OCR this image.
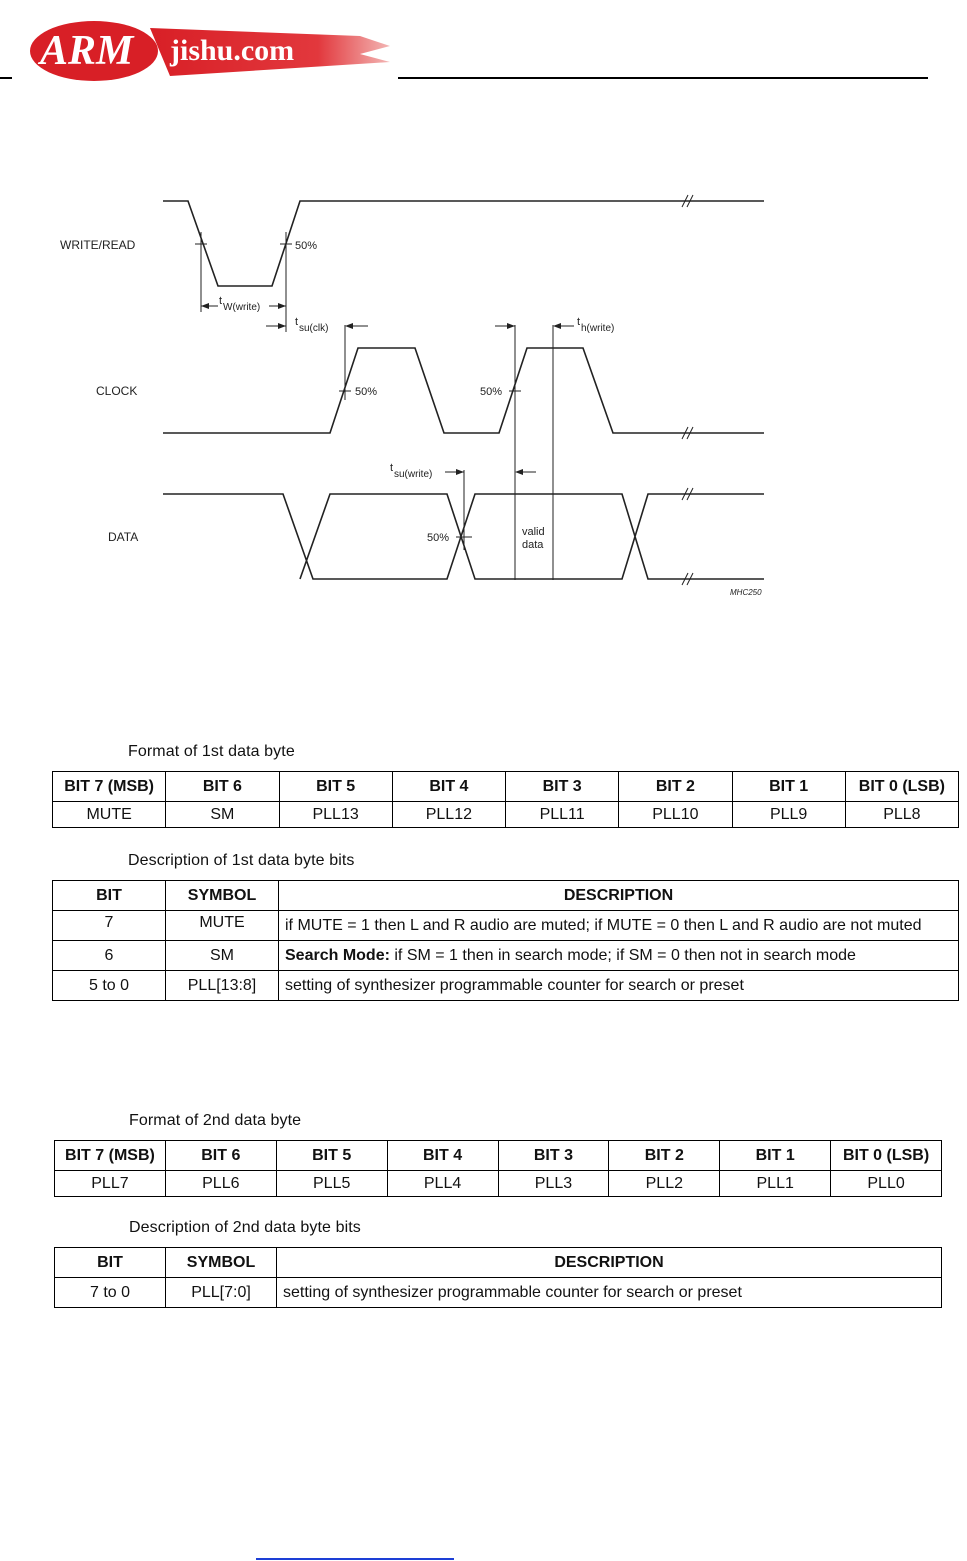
ARM jishu.com
WRITE/READ
CLOCK
DATA
50%
t
W(write)
t
su(clk)
t
h(write)
50%	50%
t
su(write)
50%	valid
data
MHC250
Format of 1st data byte
BIT 7 (MSB)	BIT 6	BIT 5	BIT 4	BIT 3	BIT 2	BIT 1	BIT 0 (LSB)
MUTE	SM	PLL13	PLL12	PLL11	PLL10	PLL9	PLL8
Description of 1st data byte bits
BIT	SYMBOL	DESCRIPTION
7	MUTE	if MUTE = 1 then L and R audio are muted; if MUTE = 0 then L and R audio are not muted
6	SM	Search Mode: if SM = 1 then in search mode; if SM = 0 then not in search mode
5 to 0	PLL[13:8]	setting of synthesizer programmable counter for search or preset
Format of 2nd data byte
BIT 7 (MSB)	BIT 6	BIT 5	BIT 4	BIT 3	BIT 2	BIT 1	BIT 0 (LSB)
PLL7	PLL6	PLL5	PLL4	PLL3	PLL2	PLL1	PLL0
Description of 2nd data byte bits
BIT	SYMBOL	DESCRIPTION
7 to 0	PLL[7:0]	setting of synthesizer programmable counter for search or preset
